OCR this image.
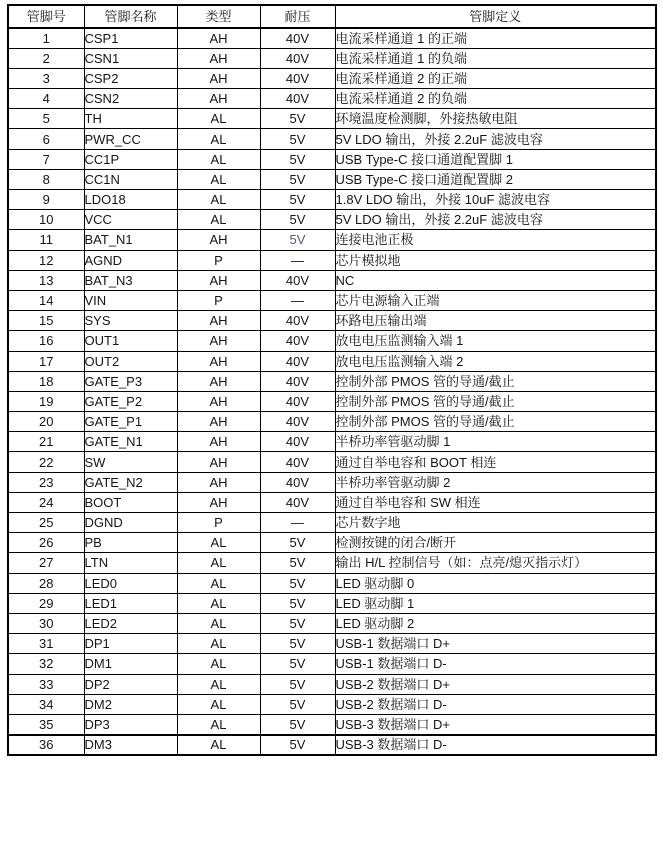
管脚号	管脚名称	类型	耐压	管脚定义
1	CSP1	AH	40V	电流采样通道 1 的正端
2	CSN1	AH	40V	电流采样通道 1 的负端
3	CSP2	AH	40V	电流采样通道 2 的正端
4	CSN2	AH	40V	电流采样通道 2 的负端
5	TH	AL	5V	环境温度检测脚，外接热敏电阻
6	PWR_CC	AL	5V	5V LDO 输出，外接 2.2uF 滤波电容
7	CC1P	AL	5V	USB Type-C 接口通道配置脚 1
8	CC1N	AL	5V	USB Type-C 接口通道配置脚 2
9	LDO18	AL	5V	1.8V LDO 输出，外接 10uF 滤波电容
10	VCC	AL	5V	5V LDO 输出，外接 2.2uF 滤波电容
11	BAT_N1	AH	5V	连接电池正极
12	AGND	P	—	芯片模拟地
13	BAT_N3	AH	40V	NC
14	VIN	P	—	芯片电源输入正端
15	SYS	AH	40V	环路电压输出端
16	OUT1	AH	40V	放电电压监测输入端 1
17	OUT2	AH	40V	放电电压监测输入端 2
18	GATE_P3	AH	40V	控制外部 PMOS 管的导通/截止
19	GATE_P2	AH	40V	控制外部 PMOS 管的导通/截止
20	GATE_P1	AH	40V	控制外部 PMOS 管的导通/截止
21	GATE_N1	AH	40V	半桥功率管驱动脚 1
22	SW	AH	40V	通过自举电容和 BOOT 相连
23	GATE_N2	AH	40V	半桥功率管驱动脚 2
24	BOOT	AH	40V	通过自举电容和 SW 相连
25	DGND	P	—	芯片数字地
26	PB	AL	5V	检测按键的闭合/断开
27	LTN	AL	5V	输出 H/L 控制信号（如：点亮/熄灭指示灯）
28	LED0	AL	5V	LED 驱动脚 0
29	LED1	AL	5V	LED 驱动脚 1
30	LED2	AL	5V	LED 驱动脚 2
31	DP1	AL	5V	USB-1 数据端口 D+
32	DM1	AL	5V	USB-1 数据端口 D-
33	DP2	AL	5V	USB-2 数据端口 D+
34	DM2	AL	5V	USB-2 数据端口 D-
35	DP3	AL	5V	USB-3 数据端口 D+
36	DM3	AL	5V	USB-3 数据端口 D-
